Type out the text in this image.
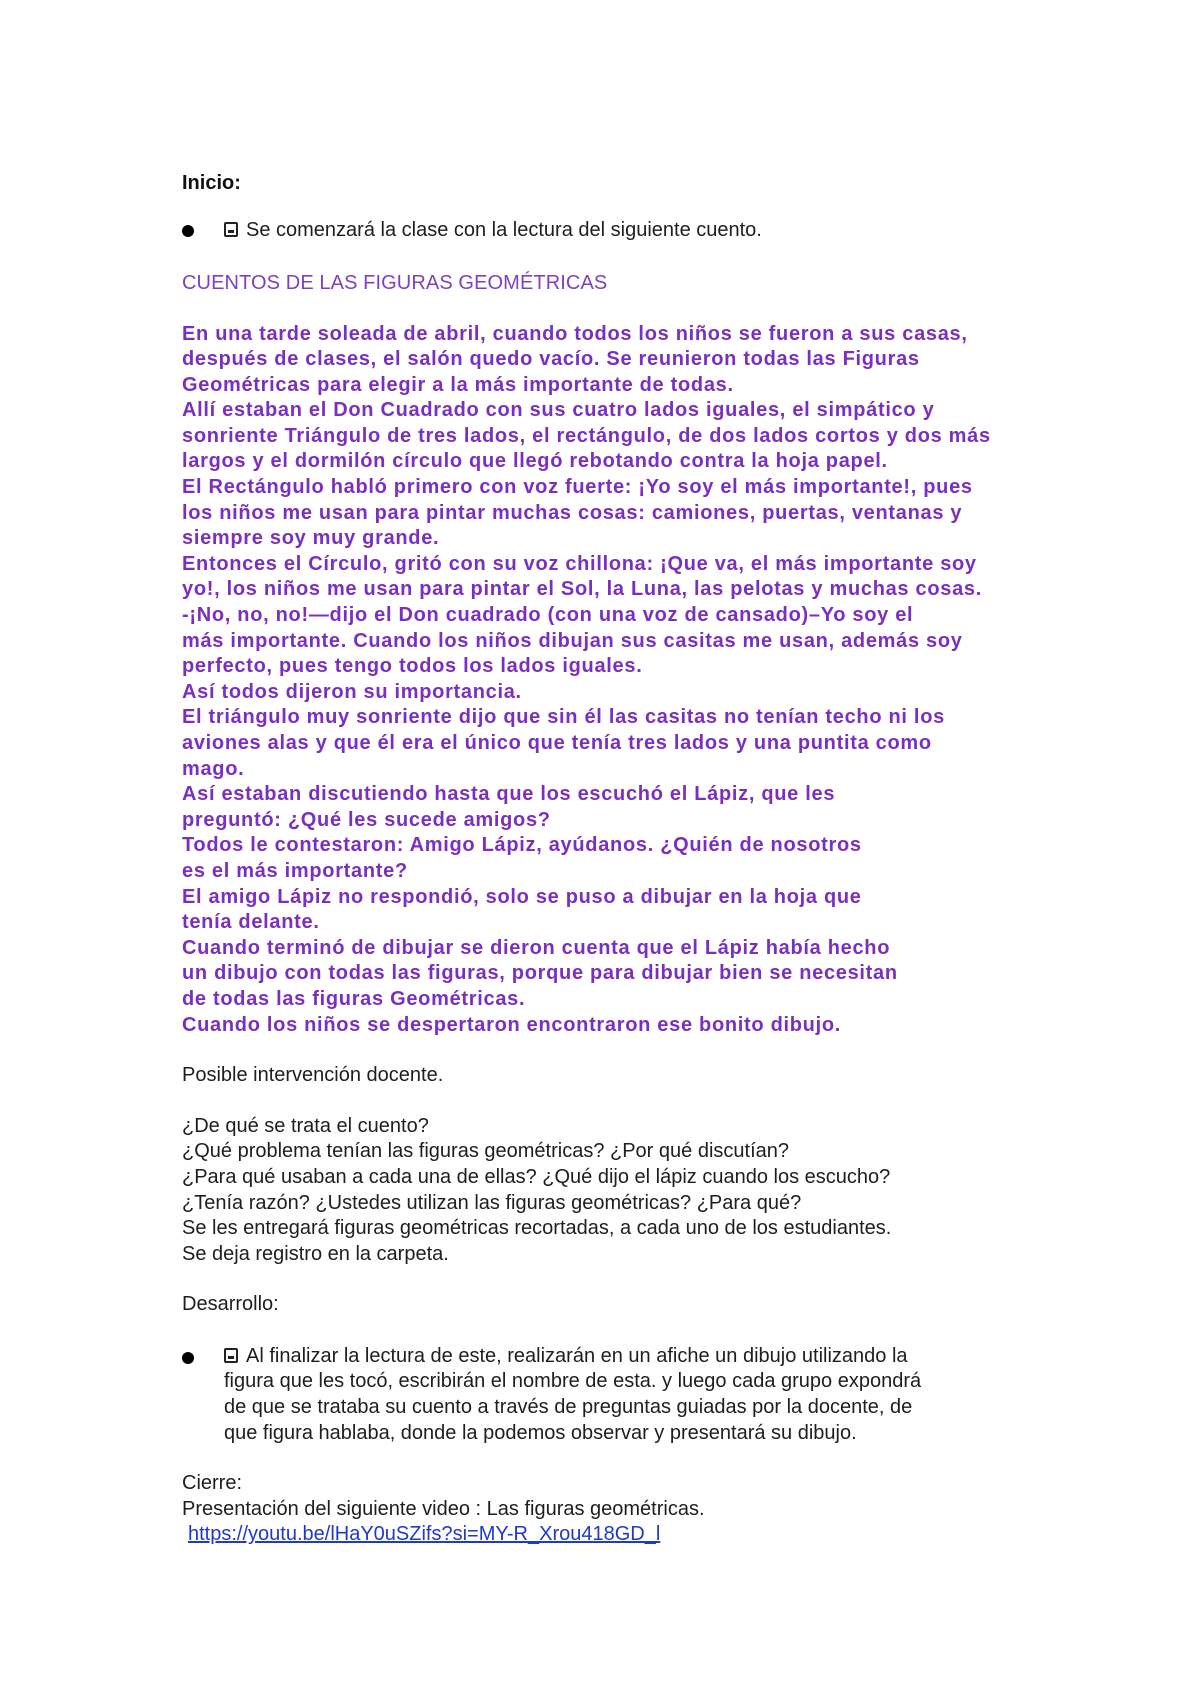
Inicio:
Se comenzará la clase con la lectura del siguiente cuento.
CUENTOS DE LAS FIGURAS GEOMÉTRICAS
En una tarde soleada de abril, cuando todos los niños se fueron a sus casas,
después de clases, el salón quedo vacío. Se reunieron todas las Figuras
Geométricas para elegir a la más importante de todas.
Allí estaban el Don Cuadrado con sus cuatro lados iguales, el simpático y
sonriente Triángulo de tres lados, el rectángulo, de dos lados cortos y dos más
largos y el dormilón círculo que llegó rebotando contra la hoja papel.
El Rectángulo habló primero con voz fuerte: ¡Yo soy el más importante!, pues
los niños me usan para pintar muchas cosas: camiones, puertas, ventanas y
siempre soy muy grande.
Entonces el Círculo, gritó con su voz chillona: ¡Que va, el más importante soy
yo!, los niños me usan para pintar el Sol, la Luna, las pelotas y muchas cosas.
-¡No, no, no!—dijo el Don cuadrado (con una voz de cansado)–Yo soy el
más importante. Cuando los niños dibujan sus casitas me usan, además soy
perfecto, pues tengo todos los lados iguales.
Así todos dijeron su importancia.
El triángulo muy sonriente dijo que sin él las casitas no tenían techo ni los
aviones alas y que él era el único que tenía tres lados y una puntita como
mago.
Así estaban discutiendo hasta que los escuchó el Lápiz, que les
preguntó: ¿Qué les sucede amigos?
Todos le contestaron: Amigo Lápiz, ayúdanos. ¿Quién de nosotros
es el más importante?
El amigo Lápiz no respondió, solo se puso a dibujar en la hoja que
tenía delante.
Cuando terminó de dibujar se dieron cuenta que el Lápiz había hecho
un dibujo con todas las figuras, porque para dibujar bien se necesitan
de todas las figuras Geométricas.
Cuando los niños se despertaron encontraron ese bonito dibujo.
Posible intervención docente.
¿De qué se trata el cuento?
¿Qué problema tenían las figuras geométricas? ¿Por qué discutían?
¿Para qué usaban a cada una de ellas? ¿Qué dijo el lápiz cuando los escucho?
¿Tenía razón? ¿Ustedes utilizan las figuras geométricas? ¿Para qué?
Se les entregará figuras geométricas recortadas, a cada uno de los estudiantes.
Se deja registro en la carpeta.
Desarrollo:
Al finalizar la lectura de este, realizarán en un afiche un dibujo utilizando la
figura que les tocó, escribirán el nombre de esta. y luego cada grupo expondrá
de que se trataba su cuento a través de preguntas guiadas por la docente, de
que figura hablaba, donde la podemos observar y presentará su dibujo.
Cierre:
Presentación del siguiente video : Las figuras geométricas.
https://youtu.be/lHaY0uSZifs?si=MY-R_Xrou418GD_l
